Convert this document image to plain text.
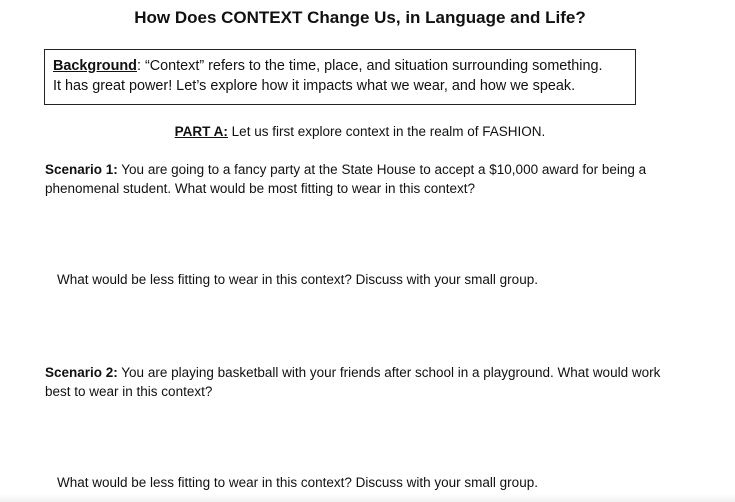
How Does CONTEXT Change Us, in Language and Life?
Background: “Context” refers to the time, place, and situation surrounding something.
It has great power! Let’s explore how it impacts what we wear, and how we speak.
PART A: Let us first explore context in the realm of FASHION.
Scenario 1: You are going to a fancy party at the State House to accept a $10,000 award for being a phenomenal student. What would be most fitting to wear in this context?
What would be less fitting to wear in this context? Discuss with your small group.
Scenario 2: You are playing basketball with your friends after school in a playground. What would work best to wear in this context?
What would be less fitting to wear in this context? Discuss with your small group.
